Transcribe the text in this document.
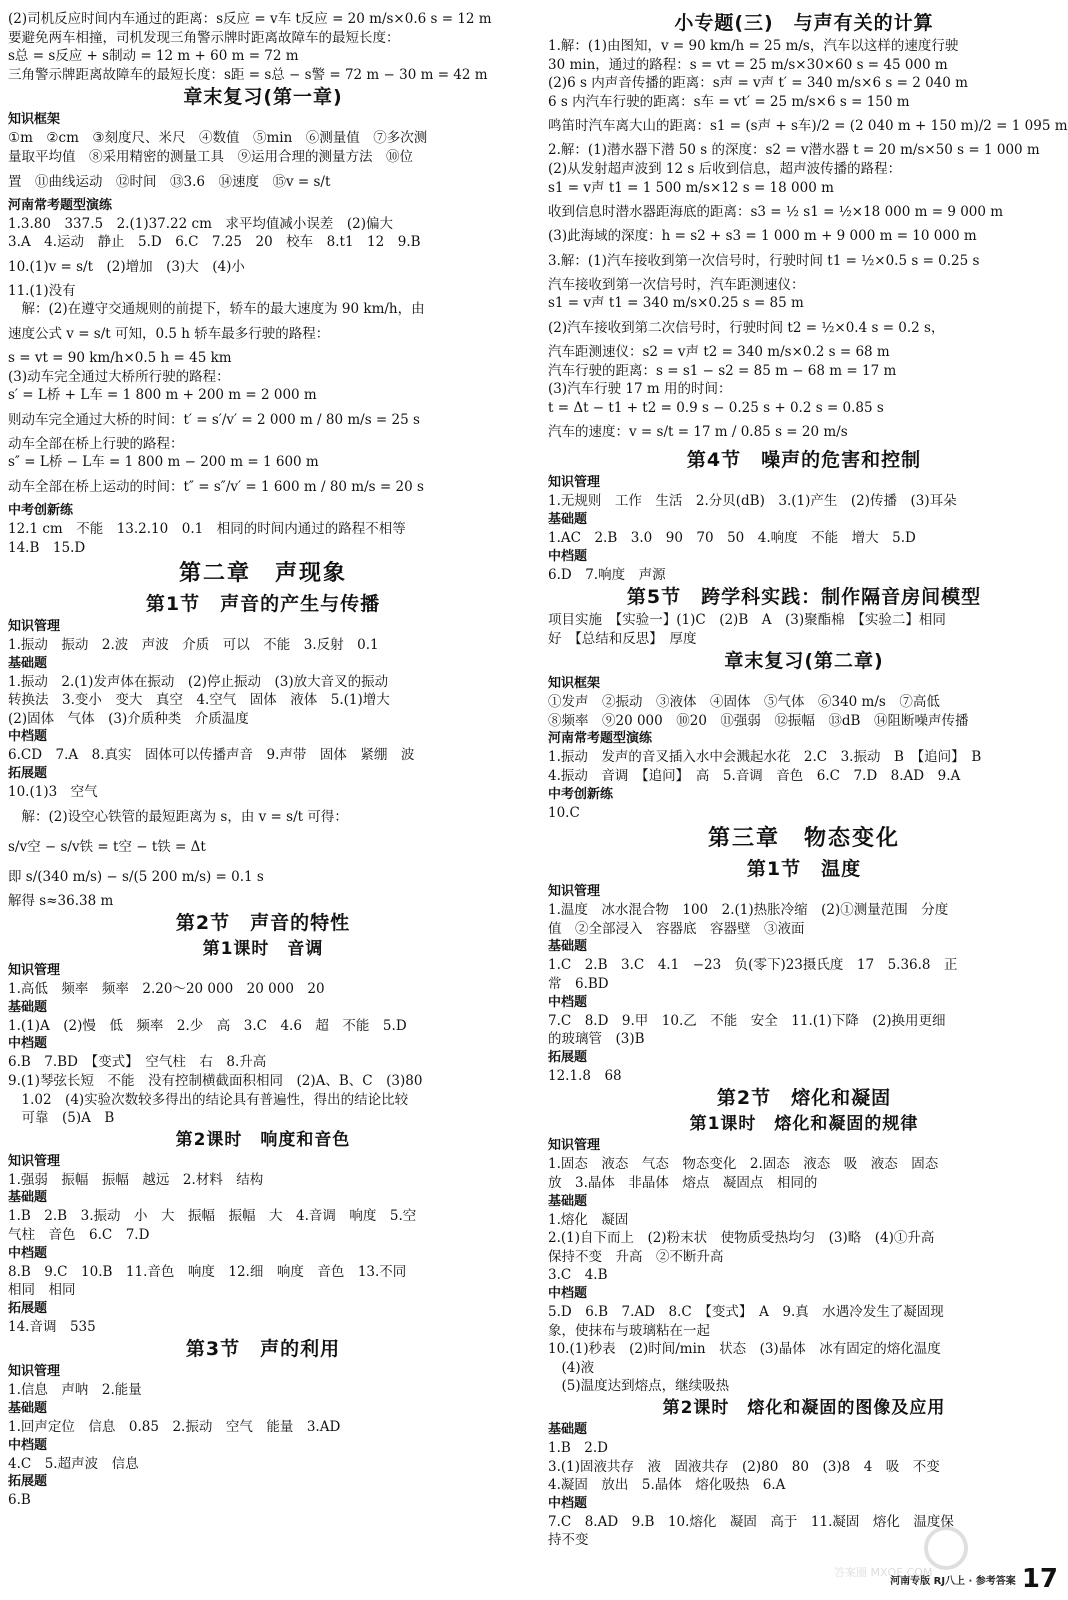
(2)司机反应时间内车通过的距离：s反应 = v车 t反应 = 20 m/s×0.6 s = 12 m
要避免两车相撞，司机发现三角警示牌时距离故障车的最短长度：
s总 = s反应 + s制动 = 12 m + 60 m = 72 m
三角警示牌距离故障车的最短长度：s距 = s总 − s警 = 72 m − 30 m = 42 m
章末复习(第一章)
知识框架
①m　②cm　③刻度尺、米尺　④数值　⑤min　⑥测量值　⑦多次测
量取平均值　⑧采用精密的测量工具　⑨运用合理的测量方法　⑩位
置　⑪曲线运动　⑫时间　⑬3.6　⑭速度　⑮v = s/t
河南常考题型演练
1.3.80　337.5　2.(1)37.22 cm　求平均值减小误差　(2)偏大
3.A　4.运动　静止　5.D　6.C　7.25　20　校车　8.t1　12　9.B
10.(1)v = s/t　(2)增加　(3)大　(4)小
11.(1)没有
　解：(2)在遵守交通规则的前提下，轿车的最大速度为 90 km/h，由
速度公式 v = s/t 可知，0.5 h 轿车最多行驶的路程：
s = vt = 90 km/h×0.5 h = 45 km
(3)动车完全通过大桥所行驶的路程：
s′ = L桥 + L车 = 1 800 m + 200 m = 2 000 m
则动车完全通过大桥的时间：t′ = s′/v′ = 2 000 m / 80 m/s = 25 s
动车全部在桥上行驶的路程：
s″ = L桥 − L车 = 1 800 m − 200 m = 1 600 m
动车全部在桥上运动的时间：t″ = s″/v′ = 1 600 m / 80 m/s = 20 s
中考创新练
12.1 cm　不能　13.2.10　0.1　相同的时间内通过的路程不相等
14.B　15.D
第二章　声现象
第1节　声音的产生与传播
知识管理
1.振动　振动　2.波　声波　介质　可以　不能　3.反射　0.1
基础题
1.振动　2.(1)发声体在振动　(2)停止振动　(3)放大音叉的振动
转换法　3.变小　变大　真空　4.空气　固体　液体　5.(1)增大
(2)固体　气体　(3)介质种类　介质温度
中档题
6.CD　7.A　8.真实　固体可以传播声音　9.声带　固体　紧绷　波
拓展题
10.(1)3　空气
　解：(2)设空心铁管的最短距离为 s，由 v = s/t 可得：
s/v空 − s/v铁 = t空 − t铁 = Δt
即 s/(340 m/s) − s/(5 200 m/s) = 0.1 s
解得 s≈36.38 m
第2节　声音的特性
第1课时　音调
知识管理
1.高低　频率　频率　2.20～20 000　20 000　20
基础题
1.(1)A　(2)慢　低　频率　2.少　高　3.C　4.6　超　不能　5.D
中档题
6.B　7.BD　【变式】　空气柱　右　8.升高
9.(1)琴弦长短　不能　没有控制横截面积相同　(2)A、B、C　(3)80
　1.02　(4)实验次数较多得出的结论具有普遍性，得出的结论比较
　可靠　(5)A　B
第2课时　响度和音色
知识管理
1.强弱　振幅　振幅　越远　2.材料　结构
基础题
1.B　2.B　3.振动　小　大　振幅　振幅　大　4.音调　响度　5.空
气柱　音色　6.C　7.D
中档题
8.B　9.C　10.B　11.音色　响度　12.细　响度　音色　13.不同
相同　相同
拓展题
14.音调　535
第3节　声的利用
知识管理
1.信息　声呐　2.能量
基础题
1.回声定位　信息　0.85　2.振动　空气　能量　3.AD
中档题
4.C　5.超声波　信息
拓展题
6.B
小专题(三)　与声有关的计算
1.解：(1)由图知，v = 90 km/h = 25 m/s，汽车以这样的速度行驶
30 min，通过的路程：s = vt = 25 m/s×30×60 s = 45 000 m
(2)6 s 内声音传播的距离：s声 = v声 t′ = 340 m/s×6 s = 2 040 m
6 s 内汽车行驶的距离：s车 = vt′ = 25 m/s×6 s = 150 m
鸣笛时汽车离大山的距离：s1 = (s声 + s车)/2 = (2 040 m + 150 m)/2 = 1 095 m
2.解：(1)潜水器下潜 50 s 的深度：s2 = v潜水器 t = 20 m/s×50 s = 1 000 m
(2)从发射超声波到 12 s 后收到信息，超声波传播的路程：
s1 = v声 t1 = 1 500 m/s×12 s = 18 000 m
收到信息时潜水器距海底的距离：s3 = ½ s1 = ½×18 000 m = 9 000 m
(3)此海域的深度：h = s2 + s3 = 1 000 m + 9 000 m = 10 000 m
3.解：(1)汽车接收到第一次信号时，行驶时间 t1 = ½×0.5 s = 0.25 s
汽车接收到第一次信号时，汽车距测速仪：
s1 = v声 t1 = 340 m/s×0.25 s = 85 m
(2)汽车接收到第二次信号时，行驶时间 t2 = ½×0.4 s = 0.2 s，
汽车距测速仪：s2 = v声 t2 = 340 m/s×0.2 s = 68 m
汽车行驶的距离：s = s1 − s2 = 85 m − 68 m = 17 m
(3)汽车行驶 17 m 用的时间：
t = Δt − t1 + t2 = 0.9 s − 0.25 s + 0.2 s = 0.85 s
汽车的速度：v = s/t = 17 m / 0.85 s = 20 m/s
第4节　噪声的危害和控制
知识管理
1.无规则　工作　生活　2.分贝(dB)　3.(1)产生　(2)传播　(3)耳朵
基础题
1.AC　2.B　3.0　90　70　50　4.响度　不能　增大　5.D
中档题
6.D　7.响度　声源
第5节　跨学科实践：制作隔音房间模型
项目实施　【实验一】(1)C　(2)B　A　(3)聚酯棉　【实验二】相同
好　【总结和反思】　厚度
章末复习(第二章)
知识框架
①发声　②振动　③液体　④固体　⑤气体　⑥340 m/s　⑦高低
⑧频率　⑨20 000　⑩20　⑪强弱　⑫振幅　⑬dB　⑭阻断噪声传播
河南常考题型演练
1.振动　发声的音叉插入水中会溅起水花　2.C　3.振动　B　【追问】　B
4.振动　音调　【追问】　高　5.音调　音色　6.C　7.D　8.AD　9.A
中考创新练
10.C
第三章　物态变化
第1节　温度
知识管理
1.温度　冰水混合物　100　2.(1)热胀冷缩　(2)①测量范围　分度
值　②全部浸入　容器底　容器壁　③液面
基础题
1.C　2.B　3.C　4.1　−23　负(零下)23摄氏度　17　5.36.8　正
常　6.BD
中档题
7.C　8.D　9.甲　10.乙　不能　安全　11.(1)下降　(2)换用更细
的玻璃管　(3)B
拓展题
12.1.8　68
第2节　熔化和凝固
第1课时　熔化和凝固的规律
知识管理
1.固态　液态　气态　物态变化　2.固态　液态　吸　液态　固态
放　3.晶体　非晶体　熔点　凝固点　相同的
基础题
1.熔化　凝固
2.(1)自下而上　(2)粉末状　使物质受热均匀　(3)略　(4)①升高
保持不变　升高　②不断升高
3.C　4.B
中档题
5.D　6.B　7.AD　8.C　【变式】　A　9.真　水遇冷发生了凝固现
象，使抹布与玻璃粘在一起
10.(1)秒表　(2)时间/min　状态　(3)晶体　冰有固定的熔化温度
　(4)液
　(5)温度达到熔点，继续吸热
第2课时　熔化和凝固的图像及应用
基础题
1.B　2.D
3.(1)固液共存　液　固液共存　(2)80　80　(3)8　4　吸　不变
4.凝固　放出　5.晶体　熔化吸热　6.A
中档题
7.C　8.AD　9.B　10.熔化　凝固　高于　11.凝固　熔化　温度保
持不变
答案圈 MXQE.COM
河南专版 RJ八上 · 参考答案 17
